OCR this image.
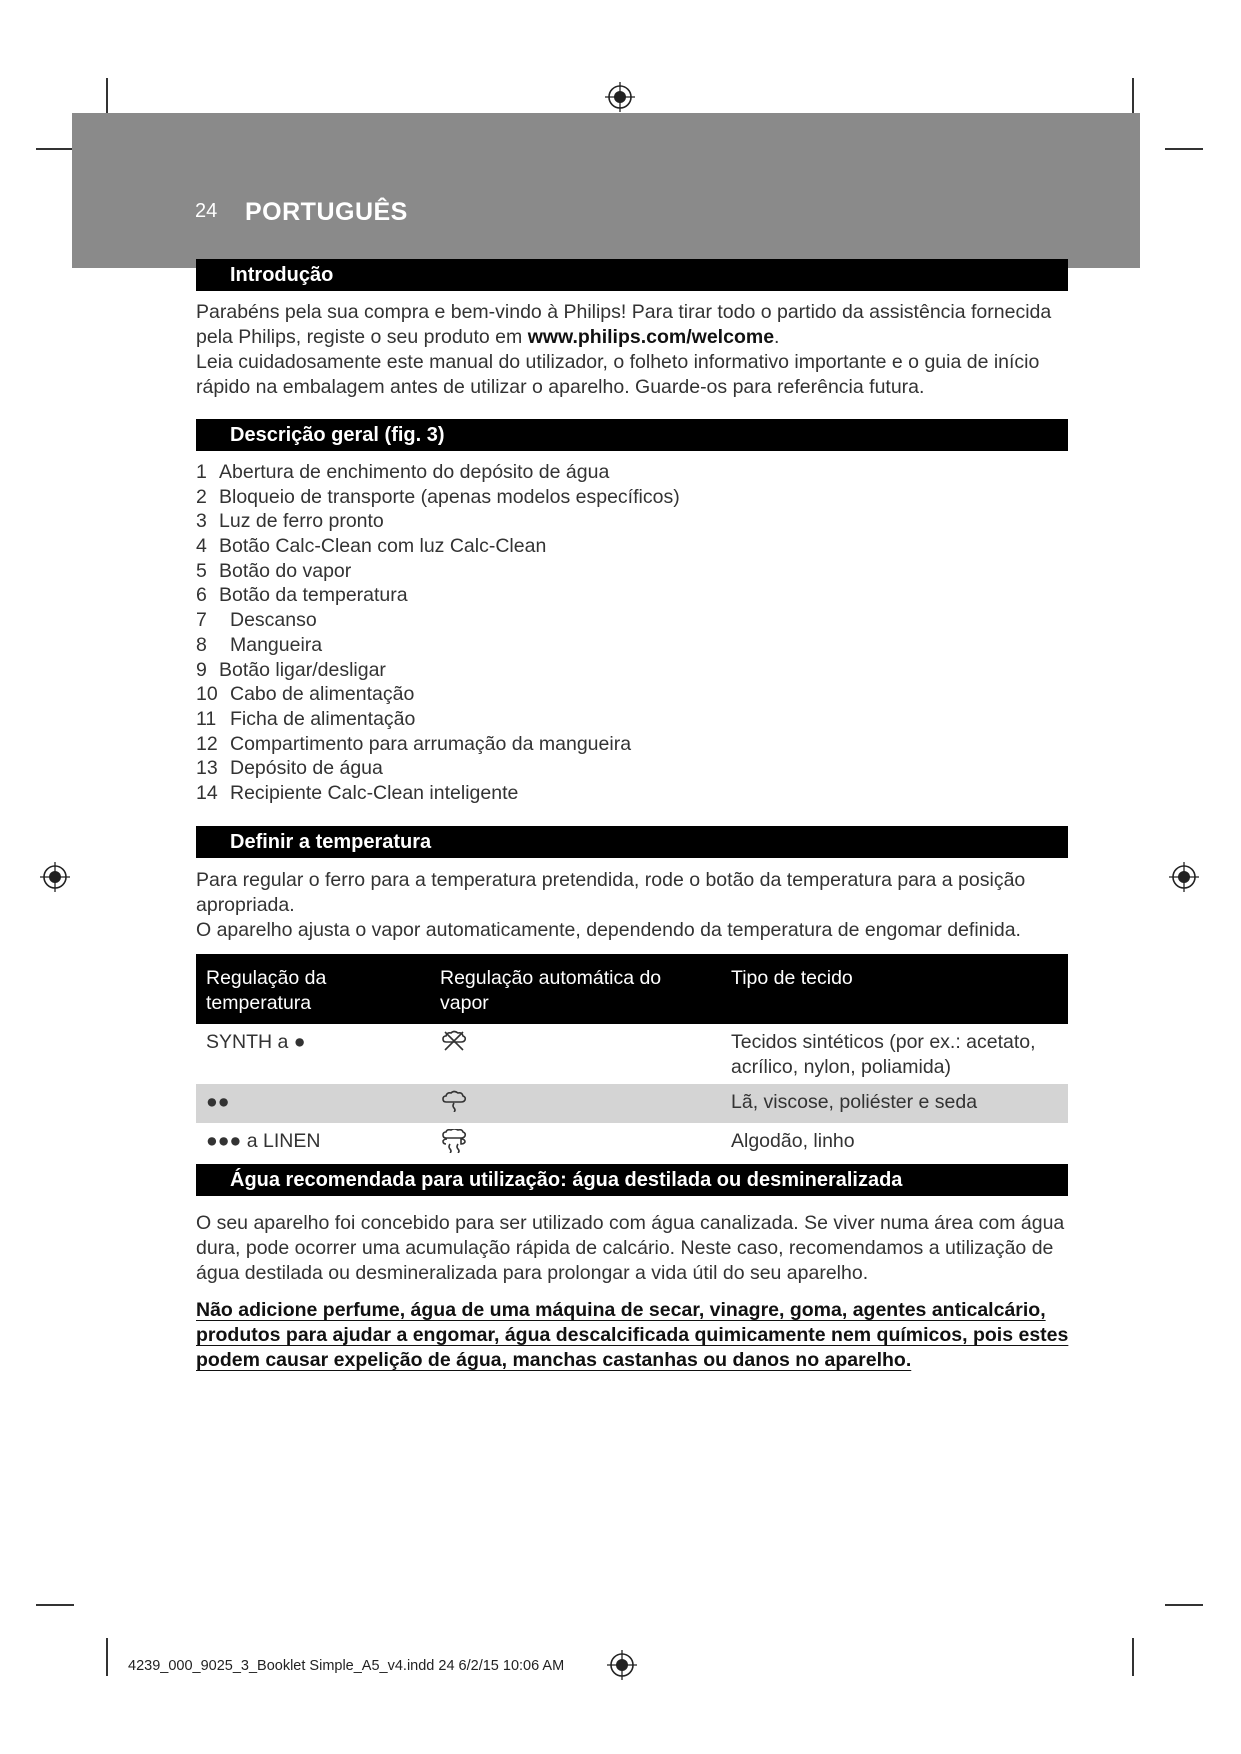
24 PORTUGUÊS
Introdução
Parabéns pela sua compra e bem-vindo à Philips! Para tirar todo o partido da assistência fornecida pela Philips, registe o seu produto em www.philips.com/welcome.
Leia cuidadosamente este manual do utilizador, o folheto informativo importante e o guia de início rápido na embalagem antes de utilizar o aparelho. Guarde-os para referência futura.
Descrição geral (fig. 3)
1 Abertura de enchimento do depósito de água
2 Bloqueio de transporte (apenas modelos específicos)
3 Luz de ferro pronto
4 Botão Calc-Clean com luz Calc-Clean
5 Botão do vapor
6 Botão da temperatura
7	Descanso
8	Mangueira
9 Botão ligar/desligar
10 Cabo de alimentação
11 Ficha de alimentação
12 Compartimento para arrumação da mangueira
13 Depósito de água
14 Recipiente Calc-Clean inteligente
Definir a temperatura
Para regular o ferro para a temperatura pretendida, rode o botão da temperatura para a posição apropriada.
O aparelho ajusta o vapor automaticamente, dependendo da temperatura de engomar definida.
Regulação da temperatura	Regulação automática do vapor	Tipo de tecido
SYNTH a ●		Tecidos sintéticos (por ex.: acetato, acrílico, nylon, poliamida)
●●		Lã, viscose, poliéster e seda
●●● a LINEN		Algodão, linho
Água recomendada para utilização: água destilada ou desmineralizada
O seu aparelho foi concebido para ser utilizado com água canalizada. Se viver numa área com água dura, pode ocorrer uma acumulação rápida de calcário. Neste caso, recomendamos a utilização de água destilada ou desmineralizada para prolongar a vida útil do seu aparelho.
Não adicione perfume, água de uma máquina de secar, vinagre, goma, agentes anticalcário, produtos para ajudar a engomar, água descalcificada quimicamente nem químicos, pois estes podem causar expelição de água, manchas castanhas ou danos no aparelho.
4239_000_9025_3_Booklet Simple_A5_v4.indd 24 6/2/15 10:06 AM
